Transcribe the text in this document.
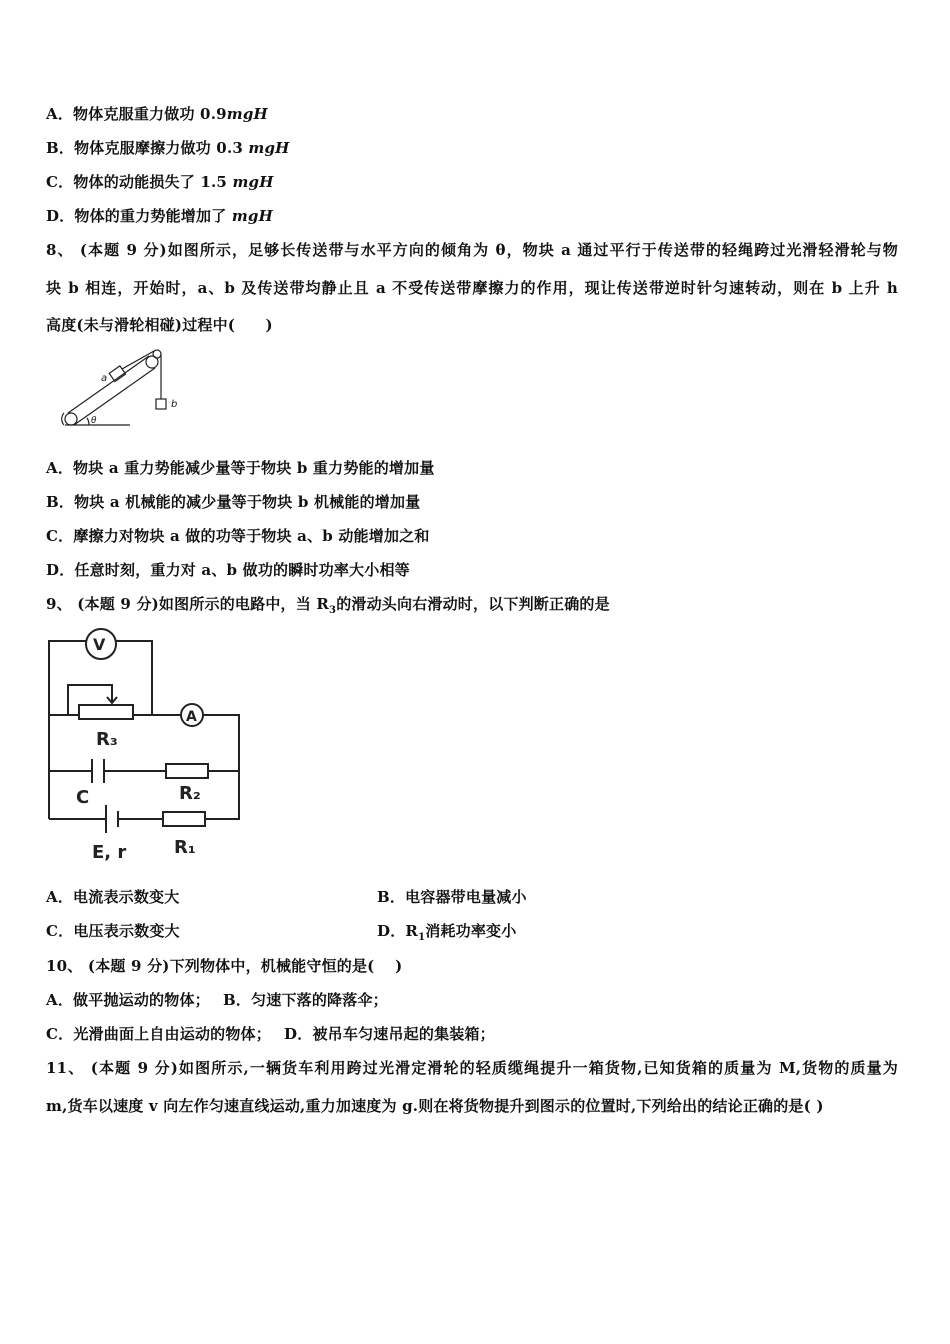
A．物体克服重力做功 0.9mgH
B．物体克服摩擦力做功 0.3 mgH
C．物体的动能损失了 1.5 mgH
D．物体的重力势能增加了 mgH
8、 (本题 9 分)如图所示，足够长传送带与水平方向的倾角为 θ，物块 a 通过平行于传送带的轻绳跨过光滑轻滑轮与物
块 b 相连，开始时，a、b 及传送带均静止且 a 不受传送带摩擦力的作用，现让传送带逆时针匀速转动，则在 b 上升 h
高度(未与滑轮相碰)过程中(　　)
a
b
θ
A．物块 a 重力势能减少量等于物块 b 重力势能的增加量
B．物块 a 机械能的减少量等于物块 b 机械能的增加量
C．摩擦力对物块 a 做的功等于物块 a、b 动能增加之和
D．任意时刻，重力对 a、b 做功的瞬时功率大小相等
9、 (本题 9 分)如图所示的电路中，当 $R_3$的滑动头向右滑动时，以下判断正确的是
V
A
R₃
C	R₂
E, r	R₁
A．电流表示数变大	B．电容器带电量减小
C．电压表示数变大	D．$R_1$消耗功率变小
10、 (本题 9 分)下列物体中，机械能守恒的是(　 )
A．做平抛运动的物体；　 B．匀速下落的降落伞；
C．光滑曲面上自由运动的物体；　 D．被吊车匀速吊起的集装箱；
11、 (本题 9 分)如图所示,一辆货车利用跨过光滑定滑轮的轻质缆绳提升一箱货物,已知货箱的质量为 M,货物的质量为
m,货车以速度 v 向左作匀速直线运动,重力加速度为 g.则在将货物提升到图示的位置时,下列给出的结论正确的是( )
